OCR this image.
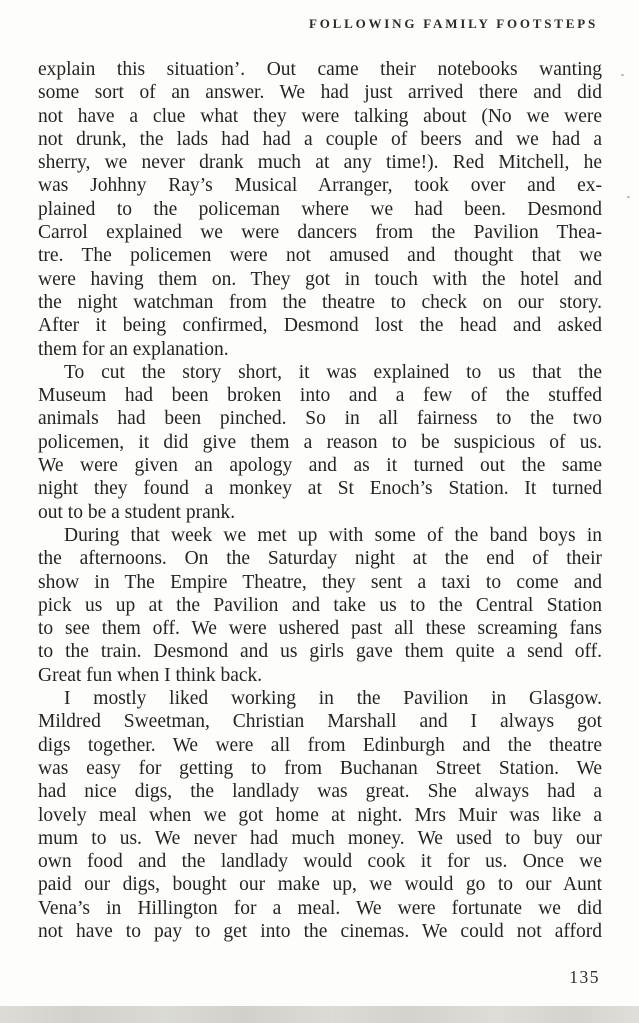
FOLLOWING FAMILY FOOTSTEPS
explain this situation’. Out came their notebooks wanting
some sort of an answer. We had just arrived there and did
not have a clue what they were talking about (No we were
not drunk, the lads had had a couple of beers and we had a
sherry, we never drank much at any time!). Red Mitchell, he
was Johhny Ray’s Musical Arranger, took over and ex-
plained to the policeman where we had been. Desmond
Carrol explained we were dancers from the Pavilion Thea-
tre. The policemen were not amused and thought that we
were having them on. They got in touch with the hotel and
the night watchman from the theatre to check on our story.
After it being confirmed, Desmond lost the head and asked
them for an explanation.
To cut the story short, it was explained to us that the
Museum had been broken into and a few of the stuffed
animals had been pinched. So in all fairness to the two
policemen, it did give them a reason to be suspicious of us.
We were given an apology and as it turned out the same
night they found a monkey at St Enoch’s Station. It turned
out to be a student prank.
During that week we met up with some of the band boys in
the afternoons. On the Saturday night at the end of their
show in The Empire Theatre, they sent a taxi to come and
pick us up at the Pavilion and take us to the Central Station
to see them off. We were ushered past all these screaming fans
to the train. Desmond and us girls gave them quite a send off.
Great fun when I think back.
I mostly liked working in the Pavilion in Glasgow.
Mildred Sweetman, Christian Marshall and I always got
digs together. We were all from Edinburgh and the theatre
was easy for getting to from Buchanan Street Station. We
had nice digs, the landlady was great. She always had a
lovely meal when we got home at night. Mrs Muir was like a
mum to us. We never had much money. We used to buy our
own food and the landlady would cook it for us. Once we
paid our digs, bought our make up, we would go to our Aunt
Vena’s in Hillington for a meal. We were fortunate we did
not have to pay to get into the cinemas. We could not afford
135
